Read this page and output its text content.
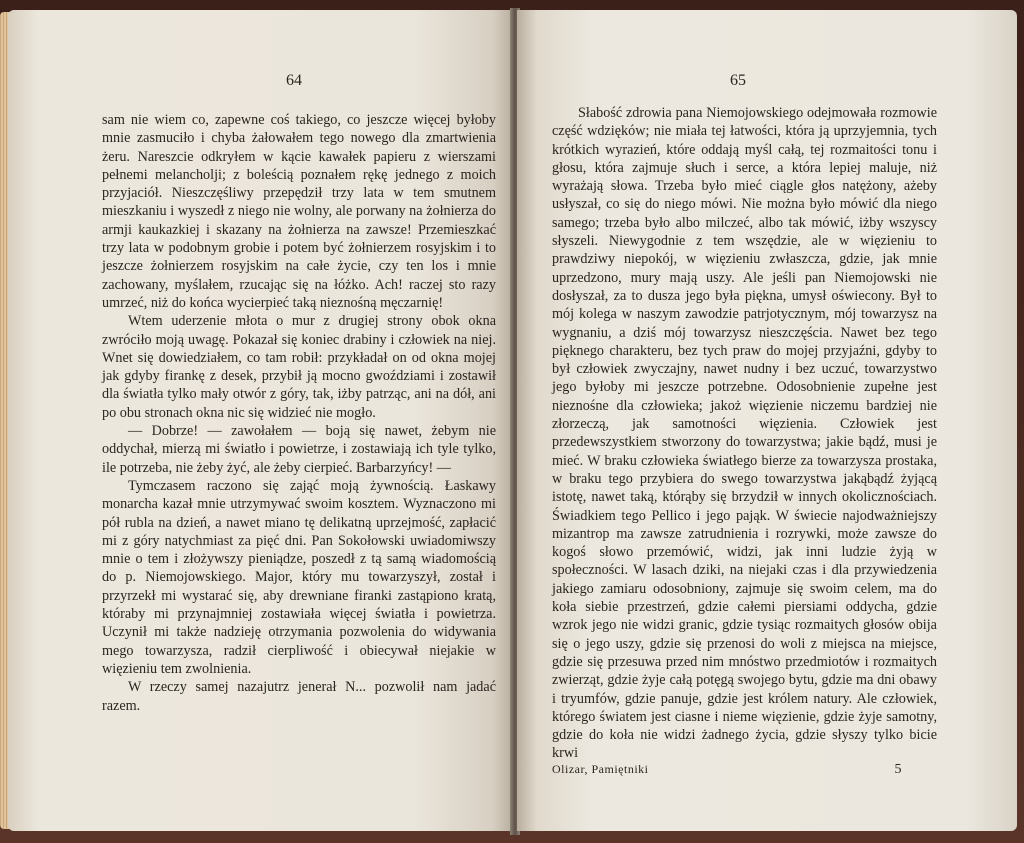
64

sam nie wiem co, zapewne coś takiego, co jeszcze więcej byłoby mnie zasmuciło i chyba żałowałem tego nowego dla zmartwienia żeru. Nareszcie odkryłem w kącie kawałek papieru z wierszami pełnemi melancholji; z boleścią poznałem rękę jednego z moich przyjaciół. Nieszczęśliwy przepędził trzy lata w tem smutnem mieszkaniu i wyszedł z niego nie wolny, ale porwany na żołnierza do armji kaukazkiej i skazany na żołnierza na zawsze! Przemieszkać trzy lata w podobnym grobie i potem być żołnierzem rosyjskim i to jeszcze żołnierzem rosyjskim na całe życie, czy ten los i mnie zachowany, myślałem, rzucając się na łóżko. Ach! raczej sto razy umrzeć, niż do końca wycierpieć taką nieznośną męczarnię!

Wtem uderzenie młota o mur z drugiej strony obok okna zwróciło moją uwagę. Pokazał się koniec drabiny i człowiek na niej. Wnet się dowiedziałem, co tam robił: przykładał on od okna mojej jak gdyby firankę z desek, przybił ją mocno gwoździami i zostawił dla światła tylko mały otwór z góry, tak, iżby patrząc, ani na dół, ani po obu stronach okna nic się widzieć nie mogło.

— Dobrze! — zawołałem — boją się nawet, żebym nie oddychał, mierzą mi światło i powietrze, i zostawiają ich tyle tylko, ile potrzeba, nie żeby żyć, ale żeby cierpieć. Barbarzyńcy! —

Tymczasem raczono się zająć moją żywnością. Łaskawy monarcha kazał mnie utrzymywać swoim kosztem. Wyznaczono mi pół rubla na dzień, a nawet miano tę delikatną uprzejmość, zapłacić mi z góry natychmiast za pięć dni. Pan Sokołowski uwiadomiwszy mnie o tem i złożywszy pieniądze, poszedł z tą samą wiadomością do p. Niemojowskiego. Major, który mu towarzyszył, został i przyrzekł mi wystarać się, aby drewniane firanki zastąpiono kratą, któraby mi przynajmniej zostawiała więcej światła i powietrza. Uczynił mi także nadzieję otrzymania pozwolenia do widywania mego towarzysza, radził cierpliwość i obiecywał niejakie w więzieniu tem zwolnienia.

W rzeczy samej nazajutrz jenerał N... pozwolił nam jadać razem.

65

Słabość zdrowia pana Niemojowskiego odejmowała rozmowie część wdzięków; nie miała tej łatwości, która ją uprzyjemnia, tych krótkich wyrazień, które oddają myśl całą, tej rozmaitości tonu i głosu, która zajmuje słuch i serce, a która lepiej maluje, niż wyrażają słowa. Trzeba było mieć ciągle głos natężony, ażeby usłyszał, co się do niego mówi. Nie można było mówić dla niego samego; trzeba było albo milczeć, albo tak mówić, iżby wszyscy słyszeli. Niewygodnie z tem wszędzie, ale w więzieniu to prawdziwy niepokój, w więzieniu zwłaszcza, gdzie, jak mnie uprzedzono, mury mają uszy. Ale jeśli pan Niemojowski nie dosłyszał, za to dusza jego była piękna, umysł oświecony. Był to mój kolega w naszym zawodzie patrjotycznym, mój towarzysz na wygnaniu, a dziś mój towarzysz nieszczęścia. Nawet bez tego pięknego charakteru, bez tych praw do mojej przyjaźni, gdyby to był człowiek zwyczajny, nawet nudny i bez uczuć, towarzystwo jego byłoby mi jeszcze potrzebne. Odosobnienie zupełne jest nieznośne dla człowieka; jakoż więzienie niczemu bardziej nie złorzeczą, jak samotności więzienia. Człowiek jest przedewszystkiem stworzony do towarzystwa; jakie bądź, musi je mieć. W braku człowieka światłego bierze za towarzysza prostaka, w braku tego przybiera do swego towarzystwa jakąbądź żyjącą istotę, nawet taką, którąby się brzydził w innych okolicznościach. Świadkiem tego Pellico i jego pająk. W świecie najodważniejszy mizantrop ma zawsze zatrudnienia i rozrywki, może zawsze do kogoś słowo przemówić, widzi, jak inni ludzie żyją w społeczności. W lasach dziki, na niejaki czas i dla przywiedzenia jakiego zamiaru odosobniony, zajmuje się swoim celem, ma do koła siebie przestrzeń, gdzie całemi piersiami oddycha, gdzie wzrok jego nie widzi granic, gdzie tysiąc rozmaitych głosów obija się o jego uszy, gdzie się przenosi do woli z miejsca na miejsce, gdzie się przesuwa przed nim mnóstwo przedmiotów i rozmaitych zwierząt, gdzie żyje całą potęgą swojego bytu, gdzie ma dni obawy i tryumfów, gdzie panuje, gdzie jest królem natury. Ale człowiek, którego światem jest ciasne i nieme więzienie, gdzie żyje samotny, gdzie do koła nie widzi żadnego życia, gdzie słyszy tylko bicie krwi

Olizar, Pamiętniki	5
